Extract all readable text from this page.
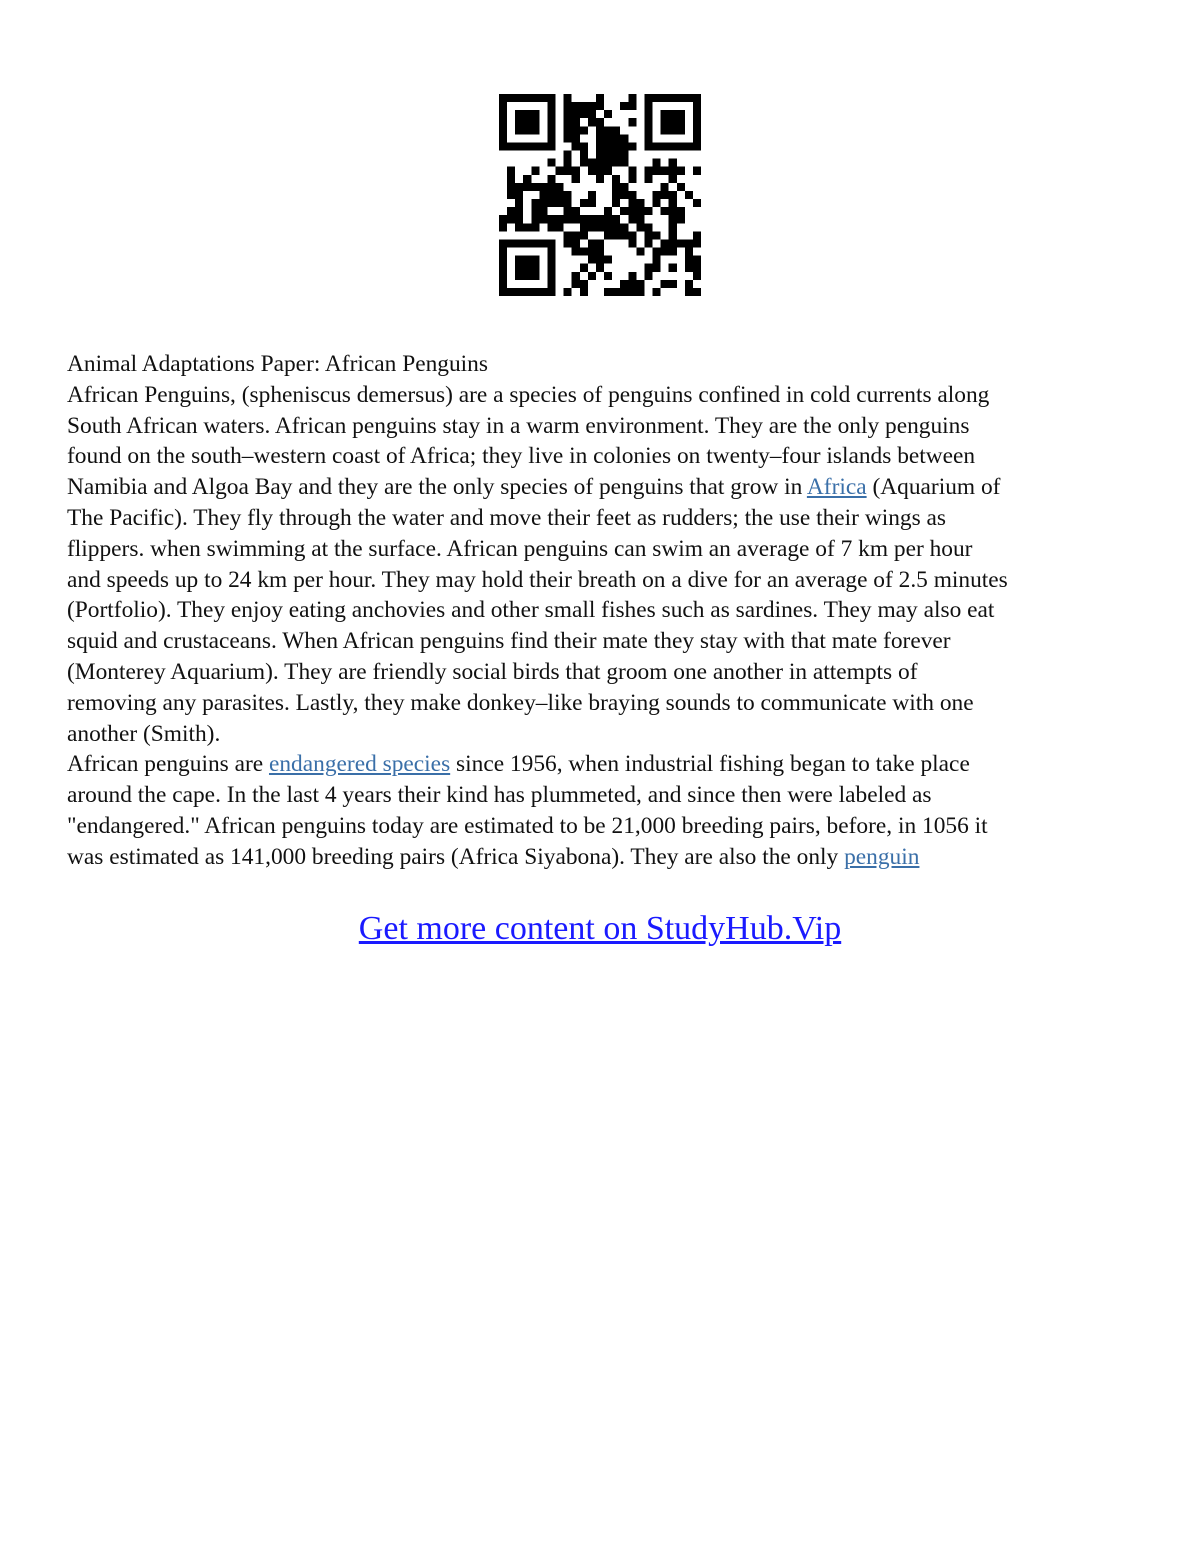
Animal Adaptations Paper: African Penguins
African Penguins, (spheniscus demersus) are a species of penguins confined in cold currents along
South African waters. African penguins stay in a warm environment. They are the only penguins
found on the south–western coast of Africa; they live in colonies on twenty–four islands between
Namibia and Algoa Bay and they are the only species of penguins that grow in Africa (Aquarium of
The Pacific). They fly through the water and move their feet as rudders; the use their wings as
flippers. when swimming at the surface. African penguins can swim an average of 7 km per hour
and speeds up to 24 km per hour. They may hold their breath on a dive for an average of 2.5 minutes
(Portfolio). They enjoy eating anchovies and other small fishes such as sardines. They may also eat
squid and crustaceans. When African penguins find their mate they stay with that mate forever
(Monterey Aquarium). They are friendly social birds that groom one another in attempts of
removing any parasites. Lastly, they make donkey–like braying sounds to communicate with one
another (Smith).
African penguins are endangered species since 1956, when industrial fishing began to take place
around the cape. In the last 4 years their kind has plummeted, and since then were labeled as
"endangered." African penguins today are estimated to be 21,000 breeding pairs, before, in 1056 it
was estimated as 141,000 breeding pairs (Africa Siyabona). They are also the only penguin
Get more content on StudyHub.Vip
